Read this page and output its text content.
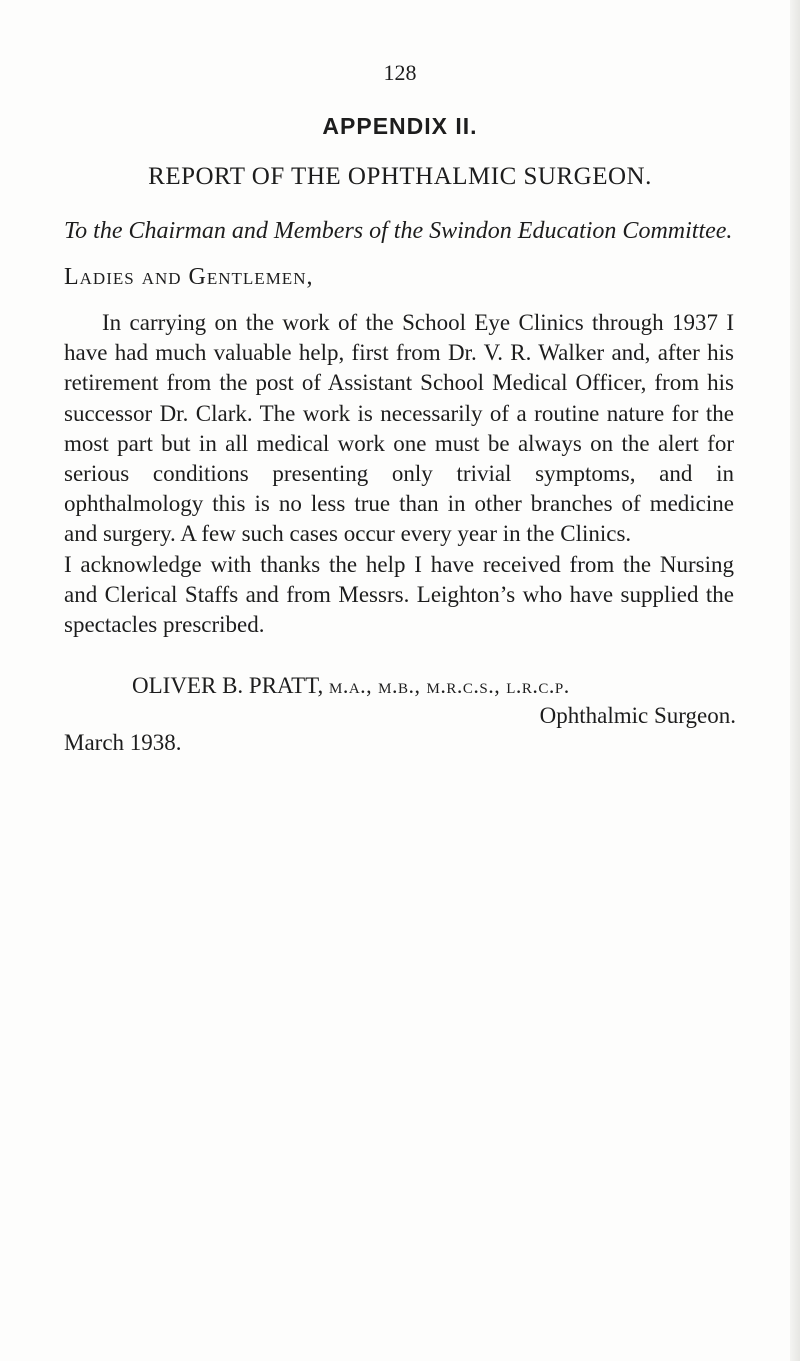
128
APPENDIX II.
REPORT OF THE OPHTHALMIC SURGEON.
To the Chairman and Members of the Swindon Education Committee.
Ladies and Gentlemen,

In carrying on the work of the School Eye Clinics through 1937 I have had much valuable help, first from Dr. V. R. Walker and, after his retirement from the post of Assistant School Medical Officer, from his successor Dr. Clark. The work is necessarily of a routine nature for the most part but in all medical work one must be always on the alert for serious conditions presenting only trivial symptoms, and in ophthalmology this is no less true than in other branches of medicine and surgery. A few such cases occur every year in the Clinics.

I acknowledge with thanks the help I have received from the Nursing and Clerical Staffs and from Messrs. Leighton’s who have supplied the spectacles prescribed.

OLIVER B. PRATT, m.a., m.b., m.r.c.s., l.r.c.p.
Ophthalmic Surgeon.
March 1938.
